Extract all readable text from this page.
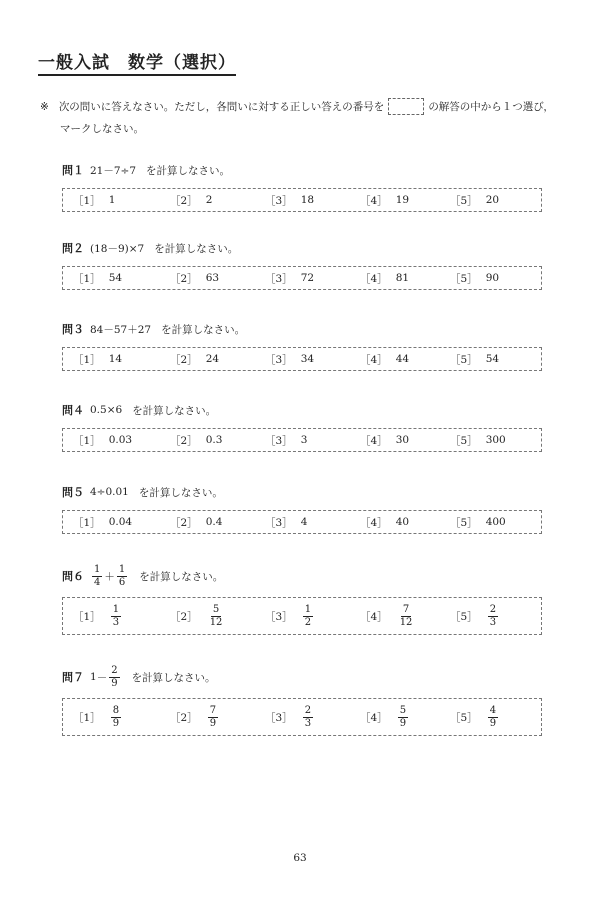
一般入試　数学（選択）
※ 次の問いに答えなさい。ただし，各問いに対する正しい答えの番号を	の解答の中から１つ選び，
マークしなさい。
問１ 21－7÷7 を計算しなさい。
［1］ 1	［2］ 2	［3］ 18	［4］ 19	［5］ 20
問２ (18－9)×7 を計算しなさい。
［1］ 54	［2］ 63	［3］ 72	［4］ 81	［5］ 90
問３ 84－57＋27 を計算しなさい。
［1］ 14	［2］ 24	［3］ 34	［4］ 44	［5］ 54
問４ 0.5×6 を計算しなさい。
［1］ 0.03	［2］ 0.3	［3］ 3	［4］ 30	［5］ 300
問５ 4÷0.01 を計算しなさい。
［1］ 0.04	［2］ 0.4	［3］ 4	［4］ 40	［5］ 400
問$6 \frac{1}{4} + \frac{1}{6}$ を計算しなさい。
［1］ $\frac{1}{3}$	［2］ $\frac{5}{12}$	［3］ $\frac{1}{2}$	［4］ $\frac{7}{12}$	［5］ $\frac{2}{3}$
問７ $1 - \frac{2}{9}$ を計算しなさい。
［1］ $\frac{8}{9}$	［2］ $\frac{7}{9}$	［3］ $\frac{2}{3}$	［4］ $\frac{5}{9}$	［5］ $\frac{4}{9}$
63
